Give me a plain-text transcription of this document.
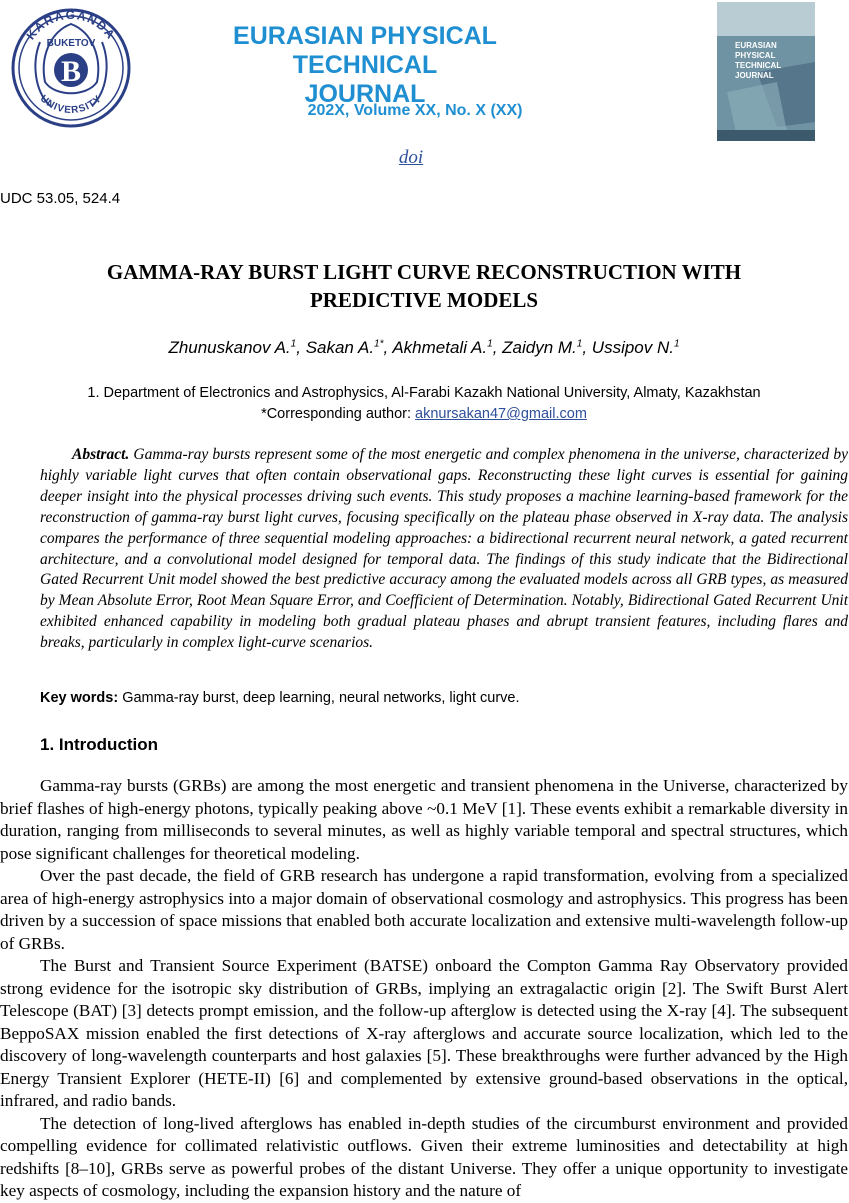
KARAGANDA
BUKETOV
B
UNIVERSITY
EURASIAN PHYSICAL TECHNICAL
JOURNAL
202X, Volume XX, No. X (XX)
EURASIAN
PHYSICAL
TECHNICAL
JOURNAL
doi
UDC 53.05, 524.4
GAMMA-RAY BURST LIGHT CURVE RECONSTRUCTION WITH
PREDICTIVE MODELS
Zhunuskanov A.$^1$, Sakan A.$^{1*}$, Akhmetali A.$^1$, Zaidyn M.$^1$, Ussipov N.$^1$
1. Department of Electronics and Astrophysics, Al-Farabi Kazakh National University, Almaty, Kazakhstan
*Corresponding author: aknursakan47@gmail.com
Abstract. Gamma-ray bursts represent some of the most energetic and complex phenomena in the universe, characterized by highly variable light curves that often contain observational gaps. Reconstructing these light curves is essential for gaining deeper insight into the physical processes driving such events. This study proposes a machine learning-based framework for the reconstruction of gamma-ray burst light curves, focusing specifically on the plateau phase observed in X-ray data. The analysis compares the performance of three sequential modeling approaches: a bidirectional recurrent neural network, a gated recurrent architecture, and a convolutional model designed for temporal data. The findings of this study indicate that the Bidirectional Gated Recurrent Unit model showed the best predictive accuracy among the evaluated models across all GRB types, as measured by Mean Absolute Error, Root Mean Square Error, and Coefficient of Determination. Notably, Bidirectional Gated Recurrent Unit exhibited enhanced capability in modeling both gradual plateau phases and abrupt transient features, including flares and breaks, particularly in complex light-curve scenarios.
Key words: Gamma-ray burst, deep learning, neural networks, light curve.
1. Introduction

Gamma-ray bursts (GRBs) are among the most energetic and transient phenomena in the Universe, characterized by brief flashes of high-energy photons, typically peaking above ~0.1 MeV [1]. These events exhibit a remarkable diversity in duration, ranging from milliseconds to several minutes, as well as highly variable temporal and spectral structures, which pose significant challenges for theoretical modeling.

Over the past decade, the field of GRB research has undergone a rapid transformation, evolving from a specialized area of high-energy astrophysics into a major domain of observational cosmology and astrophysics. This progress has been driven by a succession of space missions that enabled both accurate localization and extensive multi-wavelength follow-up of GRBs.

The Burst and Transient Source Experiment (BATSE) onboard the Compton Gamma Ray Observatory provided strong evidence for the isotropic sky distribution of GRBs, implying an extragalactic origin [2]. The Swift Burst Alert Telescope (BAT) [3] detects prompt emission, and the follow-up afterglow is detected using the X-ray [4]. The subsequent BeppoSAX mission enabled the first detections of X-ray afterglows and accurate source localization, which led to the discovery of long-wavelength counterparts and host galaxies [5]. These breakthroughs were further advanced by the High Energy Transient Explorer (HETE-II) [6] and complemented by extensive ground-based observations in the optical, infrared, and radio bands.

The detection of long-lived afterglows has enabled in-depth studies of the circumburst environment and provided compelling evidence for collimated relativistic outflows. Given their extreme luminosities and detectability at high redshifts [8–10], GRBs serve as powerful probes of the distant Universe. They offer a unique opportunity to investigate key aspects of cosmology, including the expansion history and the nature of
